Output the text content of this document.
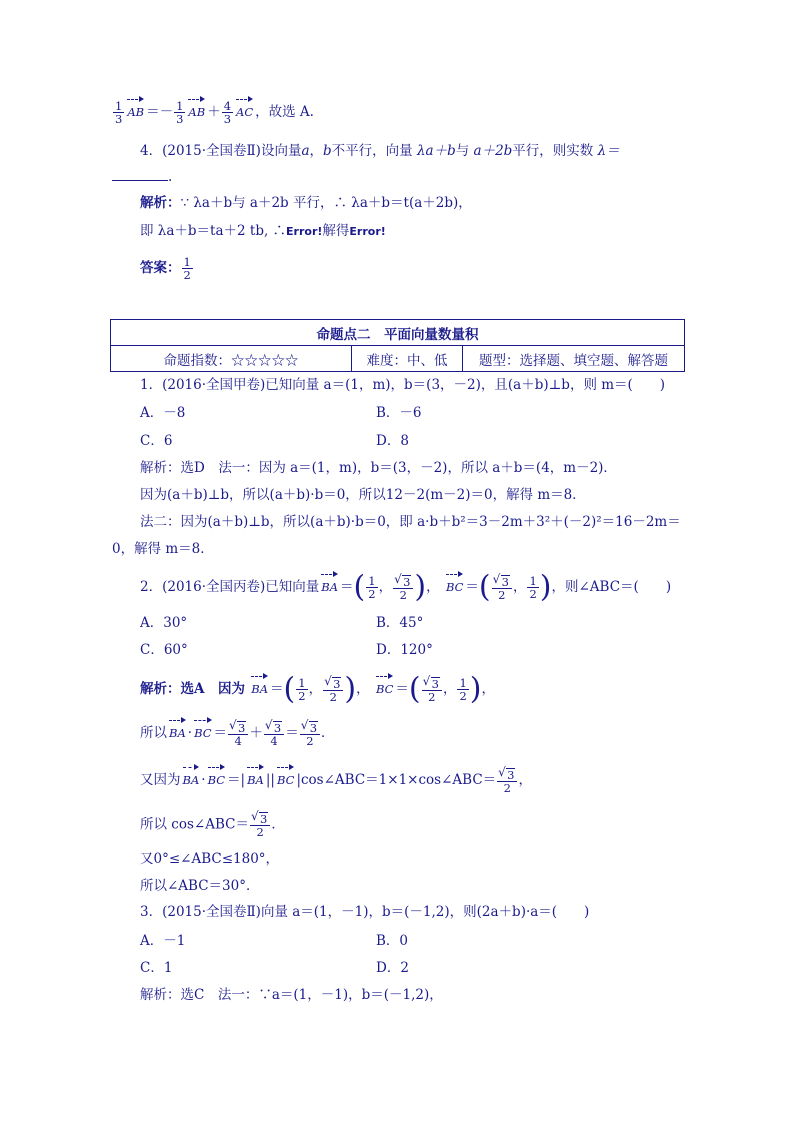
$\frac{1}{3}$ AB ＝－ $\frac{1}{3}$ AB ＋ $\frac{4}{3}$ AC ，故选 A.
4．(2015·全国卷Ⅱ)设向量a，b不平行，向量 λa＋b与 a＋2b平行，则实数 λ＝
.
解析：∵ λa＋b与 a＋2b 平行，∴ λa＋b＝t(a＋2b)，
即 λa＋b＝ta＋2 tb, ∴Error!解得Error!
答案： $\frac{1}{2}$
命题点二　平面向量数量积
命题指数：☆☆☆☆☆	难度：中、低	题型：选择题、填空题、解答题
1．(2016·全国甲卷)已知向量 a＝(1，m)，b＝(3，－2)，且(a＋b)⊥b，则 m＝(　　)
A．－8	B．－6
C．6	D．8
解析：选D　法一：因为 a＝(1，m)，b＝(3，－2)，所以 a＋b＝(4，m－2)．
因为(a＋b)⊥b，所以(a＋b)·b＝0，所以12－2(m－2)＝0，解得 m＝8．
法二：因为(a＋b)⊥b，所以(a＋b)·b＝0，即 a·b＋b²＝3－2m＋3²＋(－2)²＝16－2m＝
0，解得 m＝8．
2．(2016·全国丙卷)已知向量 BA ＝( $\frac{1}{2}$ ， √ $\frac{3}{2}$ )， BC ＝( √ $\frac{3}{2}$ ， $\frac{1}{2}$ )，则∠ABC＝(　　)
A．30°	B．45°
C．60°	D．120°
解析：选A　因为 BA ＝( $\frac{1}{2}$ ， √ $\frac{3}{2}$ )， BC ＝( √ $\frac{3}{2}$ ， $\frac{1}{2}$ )，
所以 BA · BC ＝ √ $\frac{3}{4}$ ＋ √ $\frac{3}{4}$ ＝ √ $\frac{3}{2}$ ．
又因为 BA · BC ＝| BA || BC |cos∠ABC＝1×1×cos∠ABC＝ √ $\frac{3}{2}$ ，
所以 cos∠ABC＝ √ $\frac{3}{2}$ ．
又0°≤∠ABC≤180°，
所以∠ABC＝30°．
3．(2015·全国卷Ⅱ)向量 a＝(1，－1)，b＝(－1,2)，则(2a＋b)·a＝(　　)
A．－1	B．0
C．1	D．2
解析：选C　法一：∵a＝(1，－1)，b＝(－1,2)，
